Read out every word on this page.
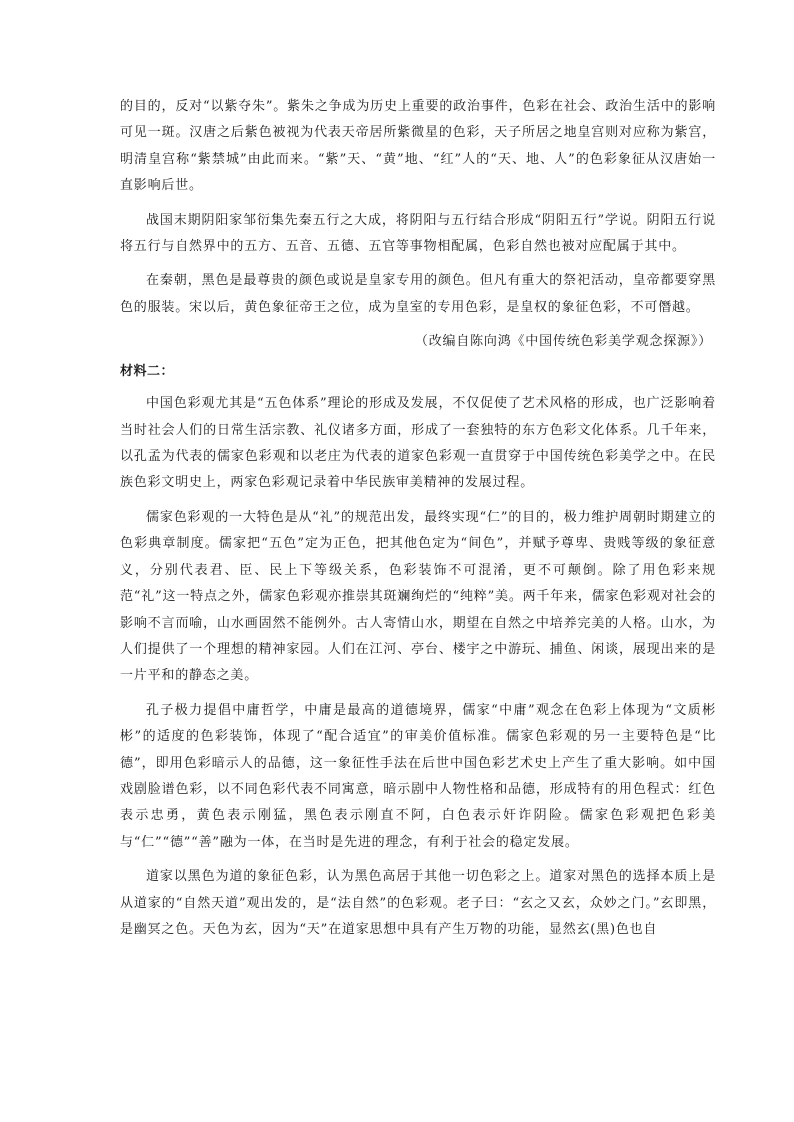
的目的，反对“以紫夺朱”。紫朱之争成为历史上重要的政治事件，色彩在社会、政治生活中的影响可见一斑。汉唐之后紫色被视为代表天帝居所紫微星的色彩，天子所居之地皇宫则对应称为紫宫，明清皇宫称“紫禁城”由此而来。“紫”天、“黄”地、“红”人的“天、地、人”的色彩象征从汉唐始一直影响后世。

战国末期阴阳家邹衍集先秦五行之大成，将阴阳与五行结合形成“阴阳五行”学说。阴阳五行说将五行与自然界中的五方、五音、五德、五官等事物相配属，色彩自然也被对应配属于其中。

在秦朝，黑色是最尊贵的颜色或说是皇家专用的颜色。但凡有重大的祭祀活动，皇帝都要穿黑色的服装。宋以后，黄色象征帝王之位，成为皇室的专用色彩，是皇权的象征色彩，不可僭越。

（改编自陈向鸿《中国传统色彩美学观念探源》）

材料二：

中国色彩观尤其是“五色体系”理论的形成及发展，不仅促使了艺术风格的形成，也广泛影响着当时社会人们的日常生活宗教、礼仪诸多方面，形成了一套独特的东方色彩文化体系。几千年来，以孔孟为代表的儒家色彩观和以老庄为代表的道家色彩观一直贯穿于中国传统色彩美学之中。在民族色彩文明史上，两家色彩观记录着中华民族审美精神的发展过程。

儒家色彩观的一大特色是从“礼”的规范出发，最终实现“仁”的目的，极力维护周朝时期建立的色彩典章制度。儒家把“五色”定为正色，把其他色定为“间色”，并赋予尊卑、贵贱等级的象征意义，分别代表君、臣、民上下等级关系，色彩装饰不可混淆，更不可颠倒。除了用色彩来规范“礼”这一特点之外，儒家色彩观亦推崇其斑斓绚烂的“纯粹”美。两千年来，儒家色彩观对社会的影响不言而喻，山水画固然不能例外。古人寄情山水，期望在自然之中培养完美的人格。山水，为人们提供了一个理想的精神家园。人们在江河、亭台、楼宇之中游玩、捕鱼、闲谈，展现出来的是一片平和的静态之美。

孔子极力提倡中庸哲学，中庸是最高的道德境界，儒家“中庸”观念在色彩上体现为“文质彬彬”的适度的色彩装饰，体现了“配合适宜”的审美价值标准。儒家色彩观的另一主要特色是“比德”，即用色彩暗示人的品德，这一象征性手法在后世中国色彩艺术史上产生了重大影响。如中国戏剧脸谱色彩，以不同色彩代表不同寓意，暗示剧中人物性格和品德，形成特有的用色程式：红色表示忠勇，黄色表示刚猛，黑色表示刚直不阿，白色表示奸诈阴险。儒家色彩观把色彩美与“仁”“德”“善”融为一体，在当时是先进的理念，有利于社会的稳定发展。

道家以黑色为道的象征色彩，认为黑色高居于其他一切色彩之上。道家对黑色的选择本质上是从道家的“自然天道”观出发的，是“法自然”的色彩观。老子曰：“玄之又玄，众妙之门。”玄即黑，是幽冥之色。天色为玄，因为“天”在道家思想中具有产生万物的功能，显然玄(黑)色也自
